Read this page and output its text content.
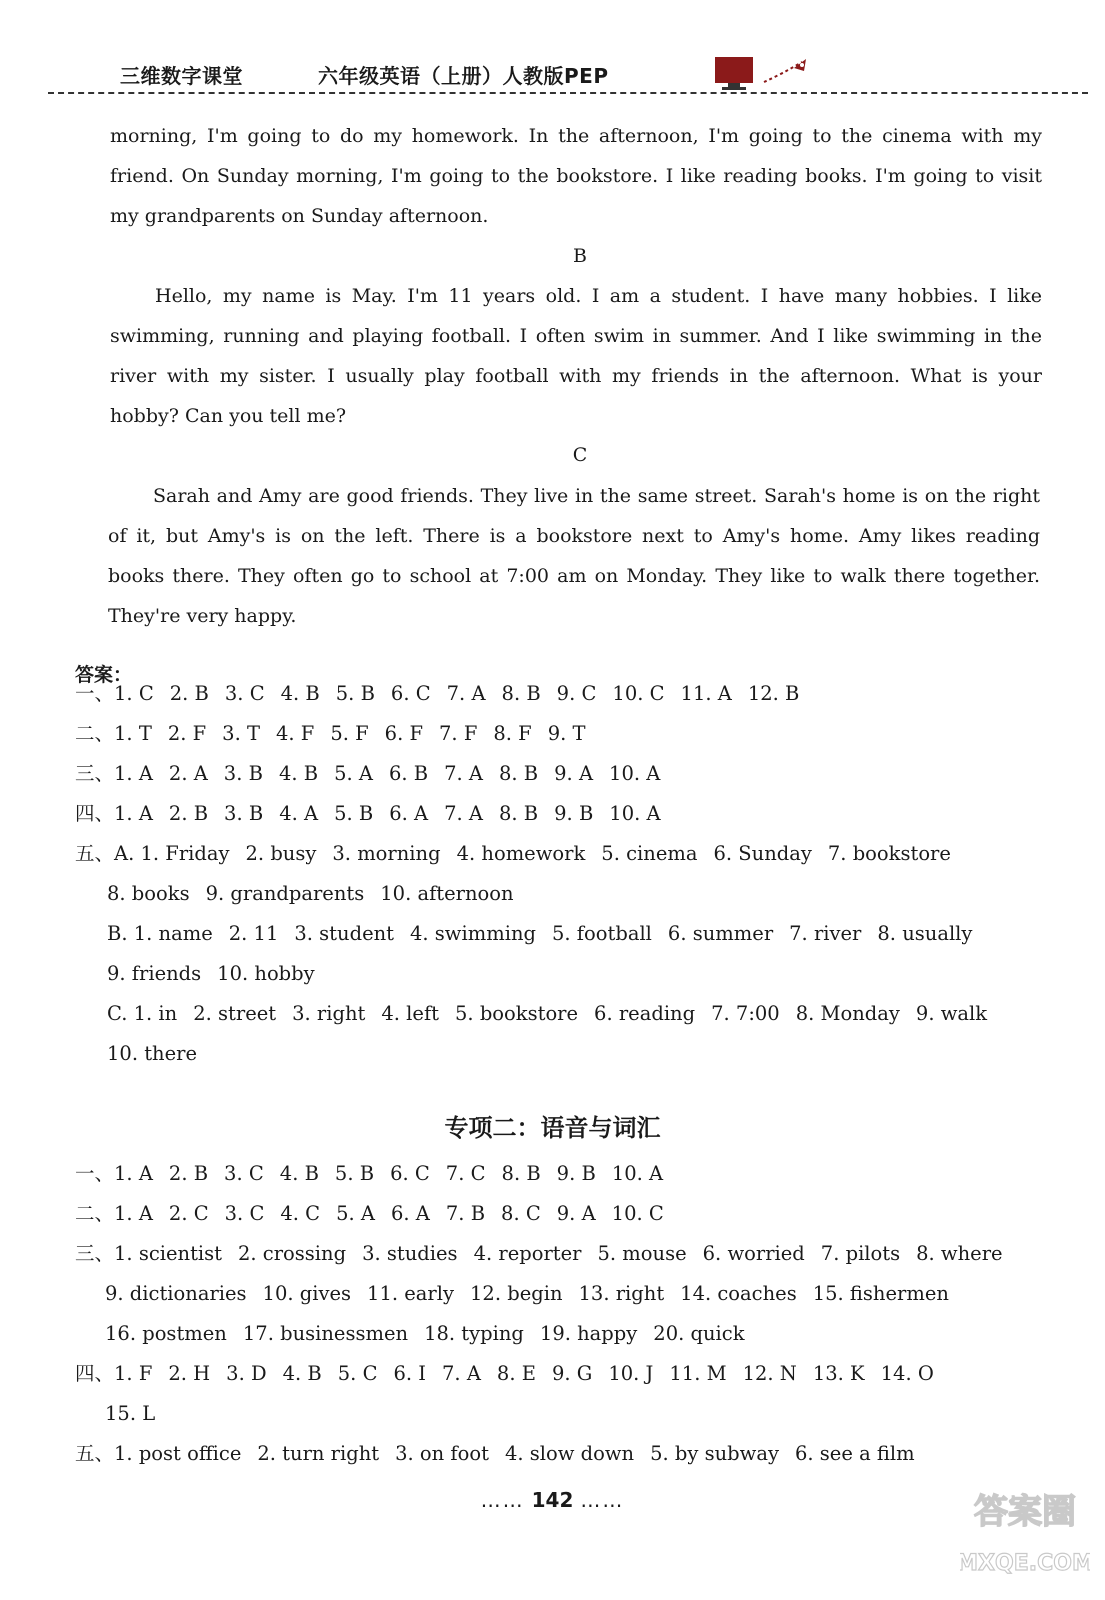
三维数字课堂	六年级英语（上册）人教版PEP
morning, I'm going to do my homework. In the afternoon, I'm going to the cinema with my
friend. On Sunday morning, I'm going to the bookstore. I like reading books. I'm going to visit
my grandparents on Sunday afternoon.
B
Hello, my name is May. I'm 11 years old. I am a student. I have many hobbies. I like
swimming, running and playing football. I often swim in summer. And I like swimming in the
river with my sister. I usually play football with my friends in the afternoon. What is your
hobby? Can you tell me?
C
Sarah and Amy are good friends. They live in the same street. Sarah's home is on the right
of it, but Amy's is on the left. There is a bookstore next to Amy's home. Amy likes reading
books there. They often go to school at 7:00 am on Monday. They like to walk there together.
They're very happy.
答案：
一、1. C 2. B 3. C 4. B 5. B 6. C 7. A 8. B 9. C 10. C 11. A 12. B
二、1. T 2. F 3. T 4. F 5. F 6. F 7. F 8. F 9. T
三、1. A 2. A 3. B 4. B 5. A 6. B 7. A 8. B 9. A 10. A
四、1. A 2. B 3. B 4. A 5. B 6. A 7. A 8. B 9. B 10. A
五、A. 1. Friday 2. busy 3. morning 4. homework 5. cinema 6. Sunday 7. bookstore
8. books 9. grandparents 10. afternoon
B. 1. name 2. 11 3. student 4. swimming 5. football 6. summer 7. river 8. usually
9. friends 10. hobby
C. 1. in 2. street 3. right 4. left 5. bookstore 6. reading 7. 7:00 8. Monday 9. walk
10. there
专项二：语音与词汇
一、1. A 2. B 3. C 4. B 5. B 6. C 7. C 8. B 9. B 10. A
二、1. A 2. C 3. C 4. C 5. A 6. A 7. B 8. C 9. A 10. C
三、1. scientist 2. crossing 3. studies 4. reporter 5. mouse 6. worried 7. pilots 8. where
9. dictionaries 10. gives 11. early 12. begin 13. right 14. coaches 15. fishermen
16. postmen 17. businessmen 18. typing 19. happy 20. quick
四、1. F 2. H 3. D 4. B 5. C 6. I 7. A 8. E 9. G 10. J 11. M 12. N 13. K 14. O
15. L
五、1. post office 2. turn right 3. on foot 4. slow down 5. by subway 6. see a film
…… 142 ……	答案圈
MXQE.COM
